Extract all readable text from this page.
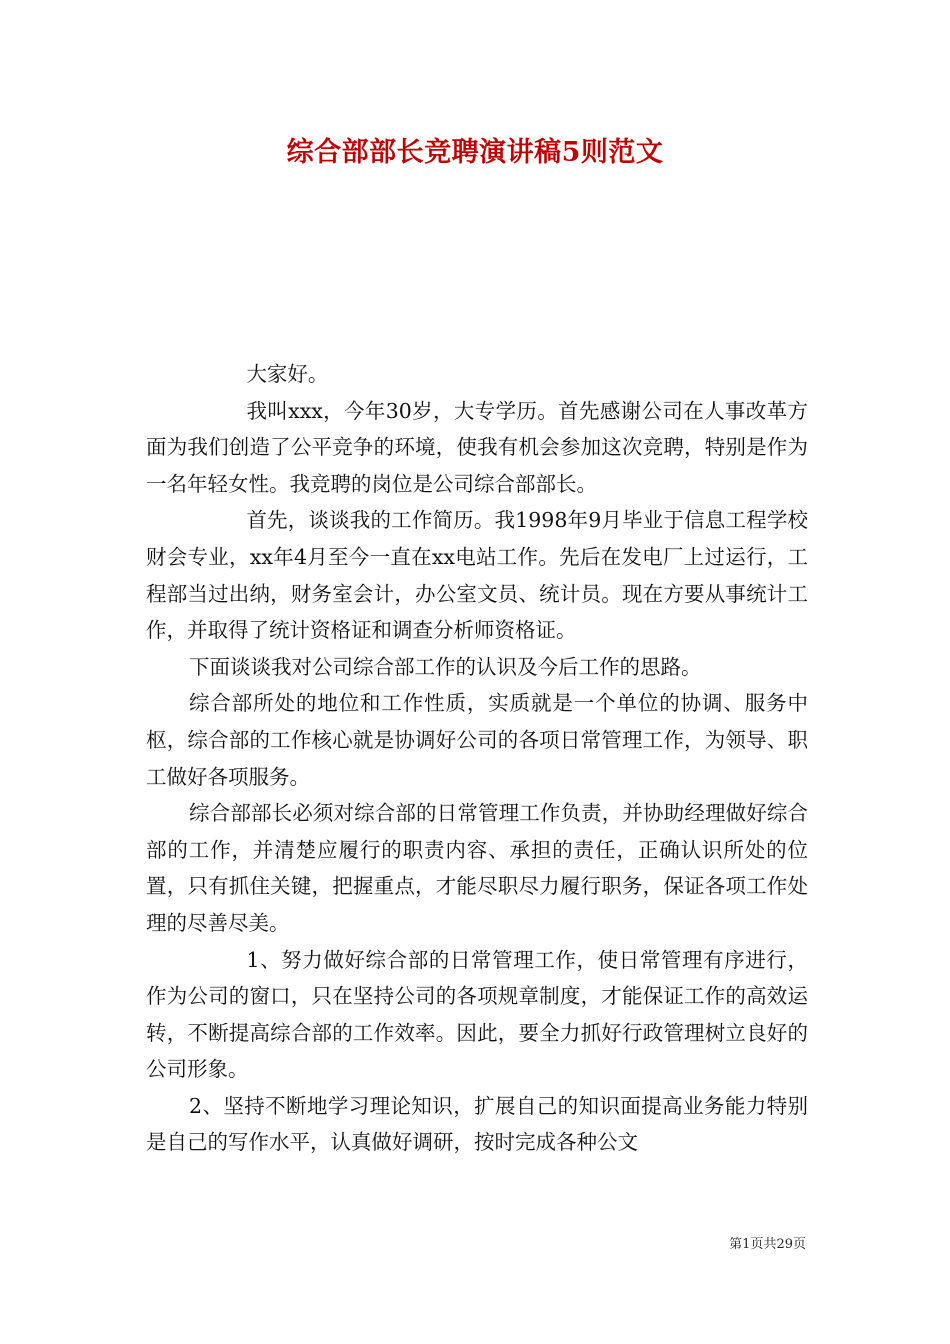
综合部部长竞聘演讲稿5则范文

大家好。

我叫xxx，今年30岁，大专学历。首先感谢公司在人事改革方面为我们创造了公平竞争的环境，使我有机会参加这次竞聘，特别是作为一名年轻女性。我竞聘的岗位是公司综合部部长。

首先，谈谈我的工作简历。我1998年9月毕业于信息工程学校财会专业，xx年4月至今一直在xx电站工作。先后在发电厂上过运行，工程部当过出纳，财务室会计，办公室文员、统计员。现在方要从事统计工作，并取得了统计资格证和调查分析师资格证。

下面谈谈我对公司综合部工作的认识及今后工作的思路。

综合部所处的地位和工作性质，实质就是一个单位的协调、服务中枢，综合部的工作核心就是协调好公司的各项日常管理工作，为领导、职工做好各项服务。

综合部部长必须对综合部的日常管理工作负责，并协助经理做好综合部的工作，并清楚应履行的职责内容、承担的责任，正确认识所处的位置，只有抓住关键，把握重点，才能尽职尽力履行职务，保证各项工作处理的尽善尽美。

1、努力做好综合部的日常管理工作，使日常管理有序进行，作为公司的窗口，只在坚持公司的各项规章制度，才能保证工作的高效运转，不断提高综合部的工作效率。因此，要全力抓好行政管理树立良好的公司形象。

2、坚持不断地学习理论知识，扩展自己的知识面提高业务能力特别是自己的写作水平，认真做好调研，按时完成各种公文

第1页共29页
